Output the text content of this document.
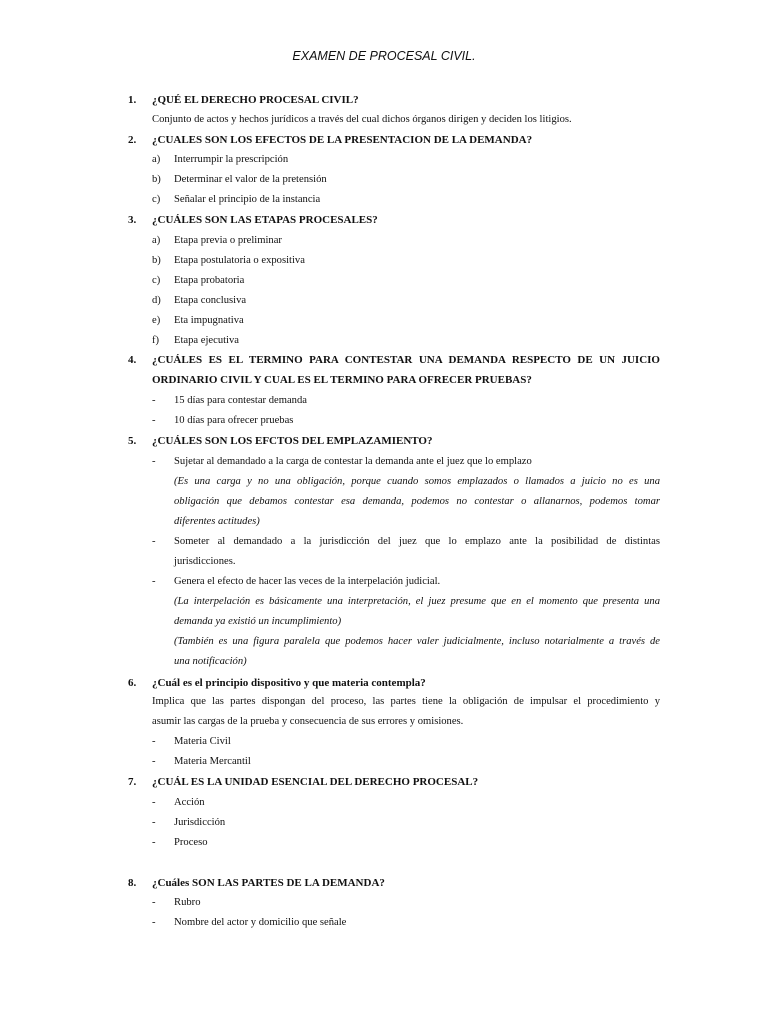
EXAMEN DE PROCESAL CIVIL.
1. ¿QUÉ EL DERECHO PROCESAL CIVIL?
Conjunto de actos y hechos jurídicos a través del cual dichos órganos dirigen y deciden los litigios.
2. ¿CUALES SON LOS EFECTOS DE LA PRESENTACION DE LA DEMANDA?
a) Interrumpir la prescripción
b) Determinar el valor de la pretensión
c) Señalar el principio de la instancia
3. ¿CUÁLES SON LAS ETAPAS PROCESALES?
a) Etapa previa o preliminar
b) Etapa postulatoria o expositiva
c) Etapa probatoria
d) Etapa conclusiva
e) Eta impugnativa
f) Etapa ejecutiva
4. ¿CUÁLES ES EL TERMINO PARA CONTESTAR UNA DEMANDA RESPECTO DE UN JUICIO
ORDINARIO CIVIL Y CUAL ES EL TERMINO PARA OFRECER PRUEBAS?
- 15 días para contestar demanda
- 10 días para ofrecer pruebas
5. ¿CUÁLES SON LOS EFCTOS DEL EMPLAZAMIENTO?
- Sujetar al demandado a la carga de contestar la demanda ante el juez que lo emplazo
(Es una carga y no una obligación, porque cuando somos emplazados o llamados a juicio no es una
obligación que debamos contestar esa demanda, podemos no contestar o allanarnos, podemos tomar
diferentes actitudes)
- Someter al demandado a la jurisdicción del juez que lo emplazo ante la posibilidad de distintas
jurisdicciones.
- Genera el efecto de hacer las veces de la interpelación judicial.
(La interpelación es básicamente una interpretación, el juez presume que en el momento que presenta una
demanda ya existió un incumplimiento)
(También es una figura paralela que podemos hacer valer judicialmente, incluso notarialmente a través de
una notificación)
6. ¿Cuál es el principio dispositivo y que materia contempla?
Implica que las partes dispongan del proceso, las partes tiene la obligación de impulsar el procedimiento y
asumir las cargas de la prueba y consecuencia de sus errores y omisiones.
- Materia Civil
- Materia Mercantil
7. ¿CUÁL ES LA UNIDAD ESENCIAL DEL DERECHO PROCESAL?
- Acción
- Jurisdicción
- Proceso
8. ¿Cuáles SON LAS PARTES DE LA DEMANDA?
- Rubro
- Nombre del actor y domicilio que señale
